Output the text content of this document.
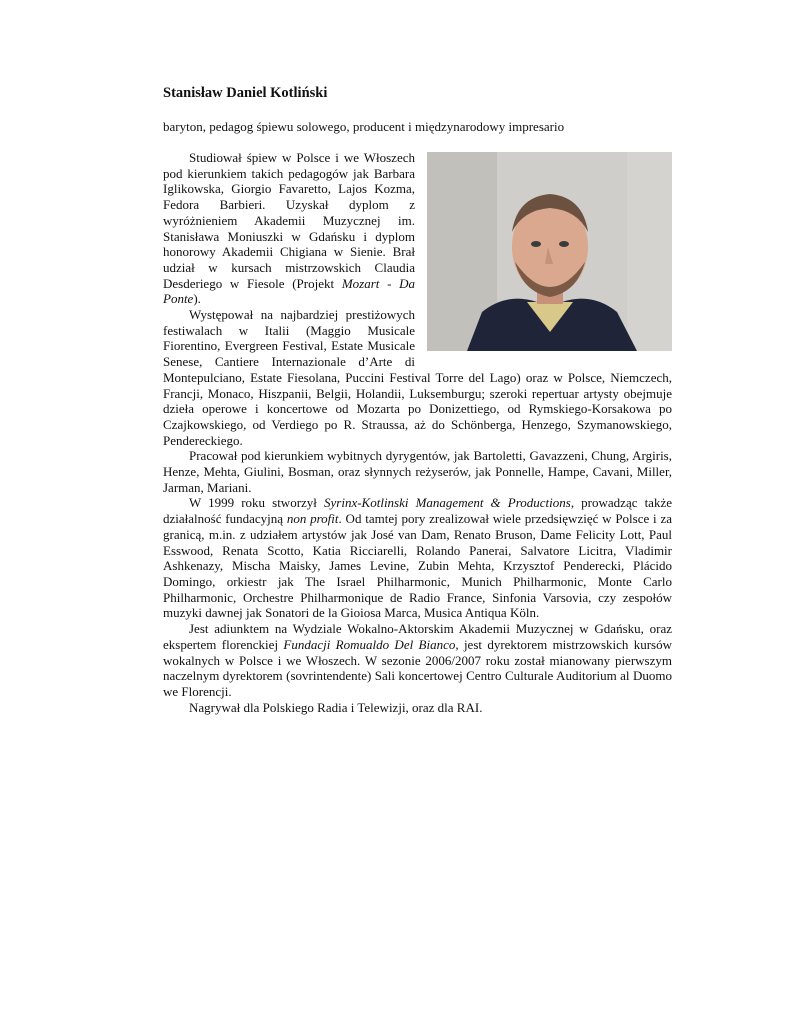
Stanisław Daniel Kotliński
baryton, pedagog śpiewu solowego, producent i międzynarodowy impresario

Studiował śpiew w Polsce i we Włoszech pod kierunkiem takich pedagogów jak Barbara Iglikowska, Giorgio Favaretto, Lajos Kozma, Fedora Barbieri. Uzyskał dyplom z wyróżnieniem Akademii Muzycznej im. Stanisława Moniuszki w Gdańsku i dyplom honorowy Akademii Chigiana w Sienie. Brał udział w kursach mistrzowskich Claudia Desderiego w Fiesole (Projekt Mozart - Da Ponte).

Występował na najbardziej prestiżowych festiwalach w Italii (Maggio Musicale Fiorentino, Evergreen Festival, Estate Musicale Senese, Cantiere Internazionale d’Arte di Montepulciano, Estate Fiesolana, Puccini Festival Torre del Lago) oraz w Polsce, Niemczech, Francji, Monaco, Hiszpanii, Belgii, Holandii, Luksemburgu; szeroki repertuar artysty obejmuje dzieła operowe i koncertowe od Mozarta po Donizettiego, od Rymskiego-Korsakowa po Czajkowskiego, od Verdiego po R. Straussa, aż do Schönberga, Henzego, Szymanowskiego, Pendereckiego.

Pracował pod kierunkiem wybitnych dyrygentów, jak Bartoletti, Gavazzeni, Chung, Argiris, Henze, Mehta, Giulini, Bosman, oraz słynnych reżyserów, jak Ponnelle, Hampe, Cavani, Miller, Jarman, Mariani.

W 1999 roku stworzył Syrinx-Kotlinski Management & Productions, prowadząc także działalność fundacyjną non profit. Od tamtej pory zrealizował wiele przedsięwzięć w Polsce i za granicą, m.in. z udziałem artystów jak José van Dam, Renato Bruson, Dame Felicity Lott, Paul Esswood, Renata Scotto, Katia Ricciarelli, Rolando Panerai, Salvatore Licitra, Vladimir Ashkenazy, Mischa Maisky, James Levine, Zubin Mehta, Krzysztof Penderecki, Plácido Domingo, orkiestr jak The Israel Philharmonic, Munich Philharmonic, Monte Carlo Philharmonic, Orchestre Philharmonique de Radio France, Sinfonia Varsovia, czy zespołów muzyki dawnej jak Sonatori de la Gioiosa Marca, Musica Antiqua Köln.

Jest adiunktem na Wydziale Wokalno-Aktorskim Akademii Muzycznej w Gdańsku, oraz ekspertem florenckiej Fundacji Romualdo Del Bianco, jest dyrektorem mistrzowskich kursów wokalnych w Polsce i we Włoszech. W sezonie 2006/2007 roku został mianowany pierwszym naczelnym dyrektorem (sovrintendente) Sali koncertowej Centro Culturale Auditorium al Duomo we Florencji.

Nagrywał dla Polskiego Radia i Telewizji, oraz dla RAI.
